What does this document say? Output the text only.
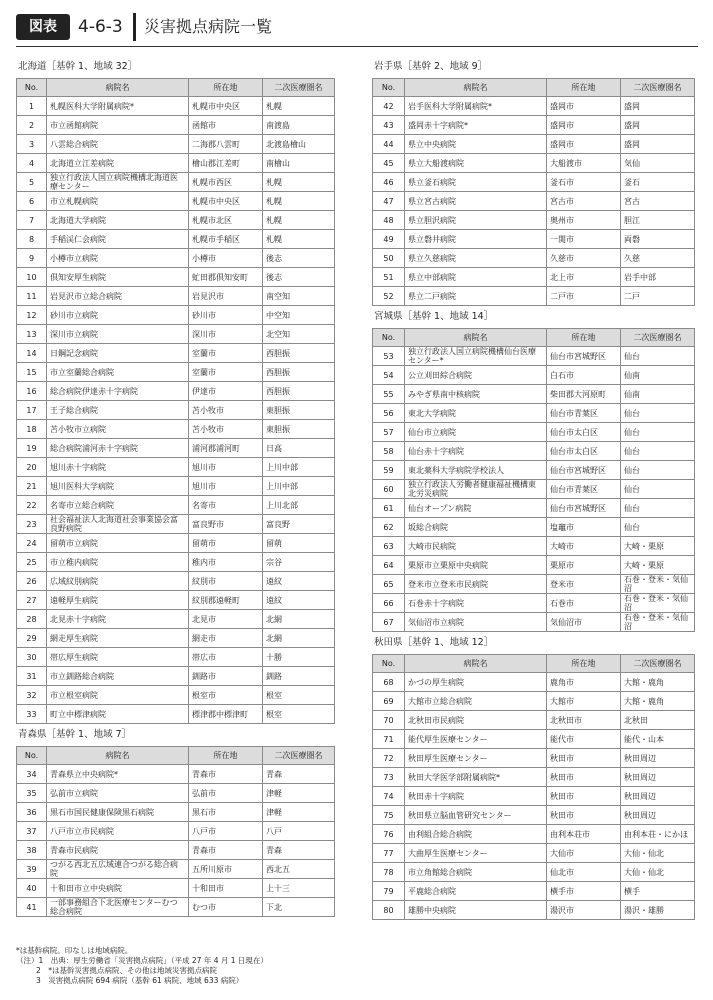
図表	4-6-3 災害拠点病院一覧
北海道［基幹 1、地域 32］
No.	病院名	所在地	二次医療圏名
1	札幌医科大学附属病院*	札幌市中央区	札幌
2	市立函館病院	函館市	南渡島
3	八雲総合病院	二海郡八雲町	北渡島檜山
4	北海道立江差病院	檜山郡江差町	南檜山
5	独立行政法人国立病院機構北海道医療センター	札幌市西区	札幌
6	市立札幌病院	札幌市中央区	札幌
7	北海道大学病院	札幌市北区	札幌
8	手稲渓仁会病院	札幌市手稲区	札幌
9	小樽市立病院	小樽市	後志
10	倶知安厚生病院	虻田郡倶知安町	後志
11	岩見沢市立総合病院	岩見沢市	南空知
12	砂川市立病院	砂川市	中空知
13	深川市立病院	深川市	北空知
14	日鋼記念病院	室蘭市	西胆振
15	市立室蘭総合病院	室蘭市	西胆振
16	総合病院伊達赤十字病院	伊達市	西胆振
17	王子総合病院	苫小牧市	東胆振
18	苫小牧市立病院	苫小牧市	東胆振
19	総合病院浦河赤十字病院	浦河郡浦河町	日高
20	旭川赤十字病院	旭川市	上川中部
21	旭川医科大学病院	旭川市	上川中部
22	名寄市立総合病院	名寄市	上川北部
23	社会福祉法人北海道社会事業協会富良野病院	富良野市	富良野
24	留萌市立病院	留萌市	留萌
25	市立稚内病院	稚内市	宗谷
26	広域紋別病院	紋別市	遠紋
27	遠軽厚生病院	紋別郡遠軽町	遠紋
28	北見赤十字病院	北見市	北網
29	網走厚生病院	網走市	北網
30	帯広厚生病院	帯広市	十勝
31	市立釧路総合病院	釧路市	釧路
32	市立根室病院	根室市	根室
33	町立中標津病院	標津郡中標津町	根室
青森県［基幹 1、地域 7］
No.	病院名	所在地	二次医療圏名
34	青森県立中央病院*	青森市	青森
35	弘前市立病院	弘前市	津軽
36	黒石市国民健康保険黒石病院	黒石市	津軽
37	八戸市立市民病院	八戸市	八戸
38	青森市民病院	青森市	青森
39	つがる西北五広域連合つがる総合病院	五所川原市	西北五
40	十和田市立中央病院	十和田市	上十三
41	一部事務組合下北医療センターむつ総合病院	むつ市	下北
岩手県［基幹 2、地域 9］
No.	病院名	所在地	二次医療圏名
42	岩手医科大学附属病院*	盛岡市	盛岡
43	盛岡赤十字病院*	盛岡市	盛岡
44	県立中央病院	盛岡市	盛岡
45	県立大船渡病院	大船渡市	気仙
46	県立釜石病院	釜石市	釜石
47	県立宮古病院	宮古市	宮古
48	県立胆沢病院	奥州市	胆江
49	県立磐井病院	一関市	両磐
50	県立久慈病院	久慈市	久慈
51	県立中部病院	北上市	岩手中部
52	県立二戸病院	二戸市	二戸
宮城県［基幹 1、地域 14］
No.	病院名	所在地	二次医療圏名
53	独立行政法人国立病院機構仙台医療センター*	仙台市宮城野区	仙台
54	公立刈田綜合病院	白石市	仙南
55	みやぎ県南中核病院	柴田郡大河原町	仙南
56	東北大学病院	仙台市青葉区	仙台
57	仙台市立病院	仙台市太白区	仙台
58	仙台赤十字病院	仙台市太白区	仙台
59	東北薬科大学病院学校法人	仙台市宮城野区	仙台
60	独立行政法人労働者健康福祉機構東北労災病院	仙台市青葉区	仙台
61	仙台オープン病院	仙台市宮城野区	仙台
62	坂総合病院	塩竈市	仙台
63	大崎市民病院	大崎市	大崎・栗原
64	栗原市立栗原中央病院	栗原市	大崎・栗原
65	登米市立登米市民病院	登米市	石巻・登米・気仙沼
66	石巻赤十字病院	石巻市	石巻・登米・気仙沼
67	気仙沼市立病院	気仙沼市	石巻・登米・気仙沼
秋田県［基幹 1、地域 12］
No.	病院名	所在地	二次医療圏名
68	かづの厚生病院	鹿角市	大館・鹿角
69	大館市立総合病院	大館市	大館・鹿角
70	北秋田市民病院	北秋田市	北秋田
71	能代厚生医療センター	能代市	能代・山本
72	秋田厚生医療センター	秋田市	秋田周辺
73	秋田大学医学部附属病院*	秋田市	秋田周辺
74	秋田赤十字病院	秋田市	秋田周辺
75	秋田県立脳血管研究センター	秋田市	秋田周辺
76	由利組合総合病院	由利本荘市	由利本荘・にかほ
77	大曲厚生医療センター	大仙市	大仙・仙北
78	市立角館総合病院	仙北市	大仙・仙北
79	平鹿総合病院	横手市	横手
80	雄勝中央病院	湯沢市	湯沢・雄勝
*は基幹病院。印なしは地域病院。
（注）1　出典：厚生労働省「災害拠点病院」（平成 27 年 4 月 1 日現在）
2　*は基幹災害拠点病院、その他は地域災害拠点病院
3　災害拠点病院 694 病院（基幹 61 病院、地域 633 病院）
